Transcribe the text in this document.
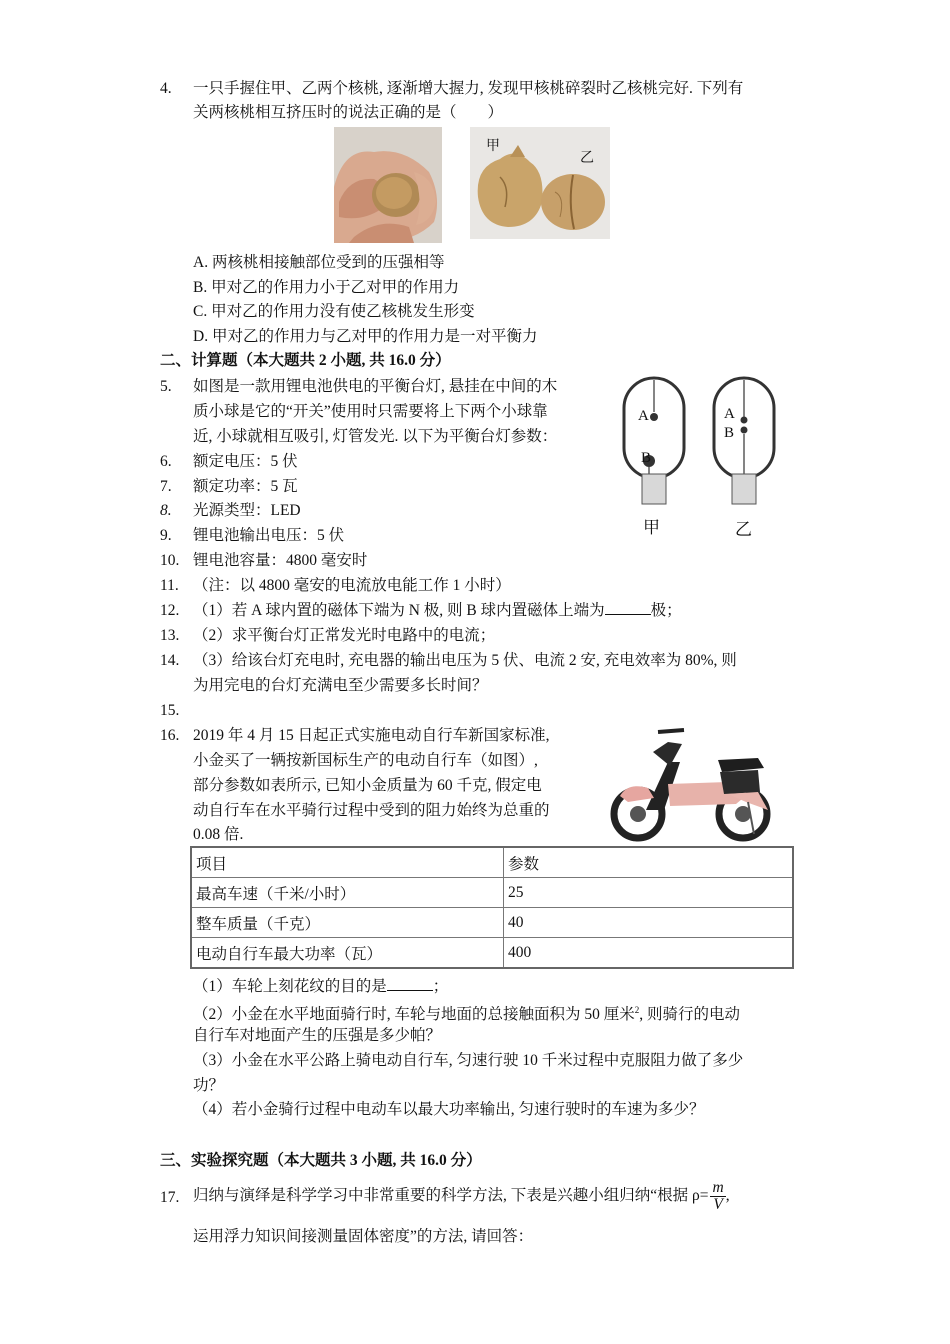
4.	一只手握住甲、乙两个核桃, 逐渐增大握力, 发现甲核桃碎裂时乙核桃完好. 下列有
关两核桃相互挤压时的说法正确的是（　　）
甲
乙
A. 两核桃相接触部位受到的压强相等
B. 甲对乙的作用力小于乙对甲的作用力
C. 甲对乙的作用力没有使乙核桃发生形变
D. 甲对乙的作用力与乙对甲的作用力是一对平衡力
二、计算题（本大题共 2 小题, 共 16.0 分）
5.	如图是一款用锂电池供电的平衡台灯, 悬挂在中间的木
质小球是它的“开关”使用时只需要将上下两个小球靠
近, 小球就相互吸引, 灯管发光. 以下为平衡台灯参数：
6.	额定电压：5 伏
7.	额定功率：5 瓦
8.	光源类型：LED
9.	锂电池输出电压：5 伏
10. 锂电池容量：4800 毫安时
11. （注：以 4800 毫安的电流放电能工作 1 小时）
12. （1）若 A 球内置的磁体下端为 N 极, 则 B 球内置磁体上端为	极；
13. （2）求平衡台灯正常发光时电路中的电流；
14. （3）给该台灯充电时, 充电器的输出电压为 5 伏、电流 2 安, 充电效率为 80%, 则
为用完电的台灯充满电至少需要多长时间？
15.
A
B
A
B
甲	乙
16. 2019 年 4 月 15 日起正式实施电动自行车新国家标准,
小金买了一辆按新国标生产的电动自行车（如图）,
部分参数如表所示, 已知小金质量为 60 千克, 假定电
动自行车在水平骑行过程中受到的阻力始终为总重的
0.08 倍.
项目	参数
最高车速（千米/小时）	25
整车质量（千克）	40
电动自行车最大功率（瓦）	400
（1）车轮上刻花纹的目的是	；
（2）小金在水平地面骑行时, 车轮与地面的总接触面积为 50 厘米$^2$, 则骑行的电动
自行车对地面产生的压强是多少帕？
（3）小金在水平公路上骑电动自行车, 匀速行驶 10 千米过程中克服阻力做了多少
功？
（4）若小金骑行过程中电动车以最大功率输出, 匀速行驶时的车速为多少？
三、实验探究题（本大题共 3 小题, 共 16.0 分）
17. 归纳与演绎是科学学习中非常重要的科学方法, 下表是兴趣小组归纳“根据 $\rho= \frac{m}{V}$ ,
运用浮力知识间接测量固体密度”的方法, 请回答：
